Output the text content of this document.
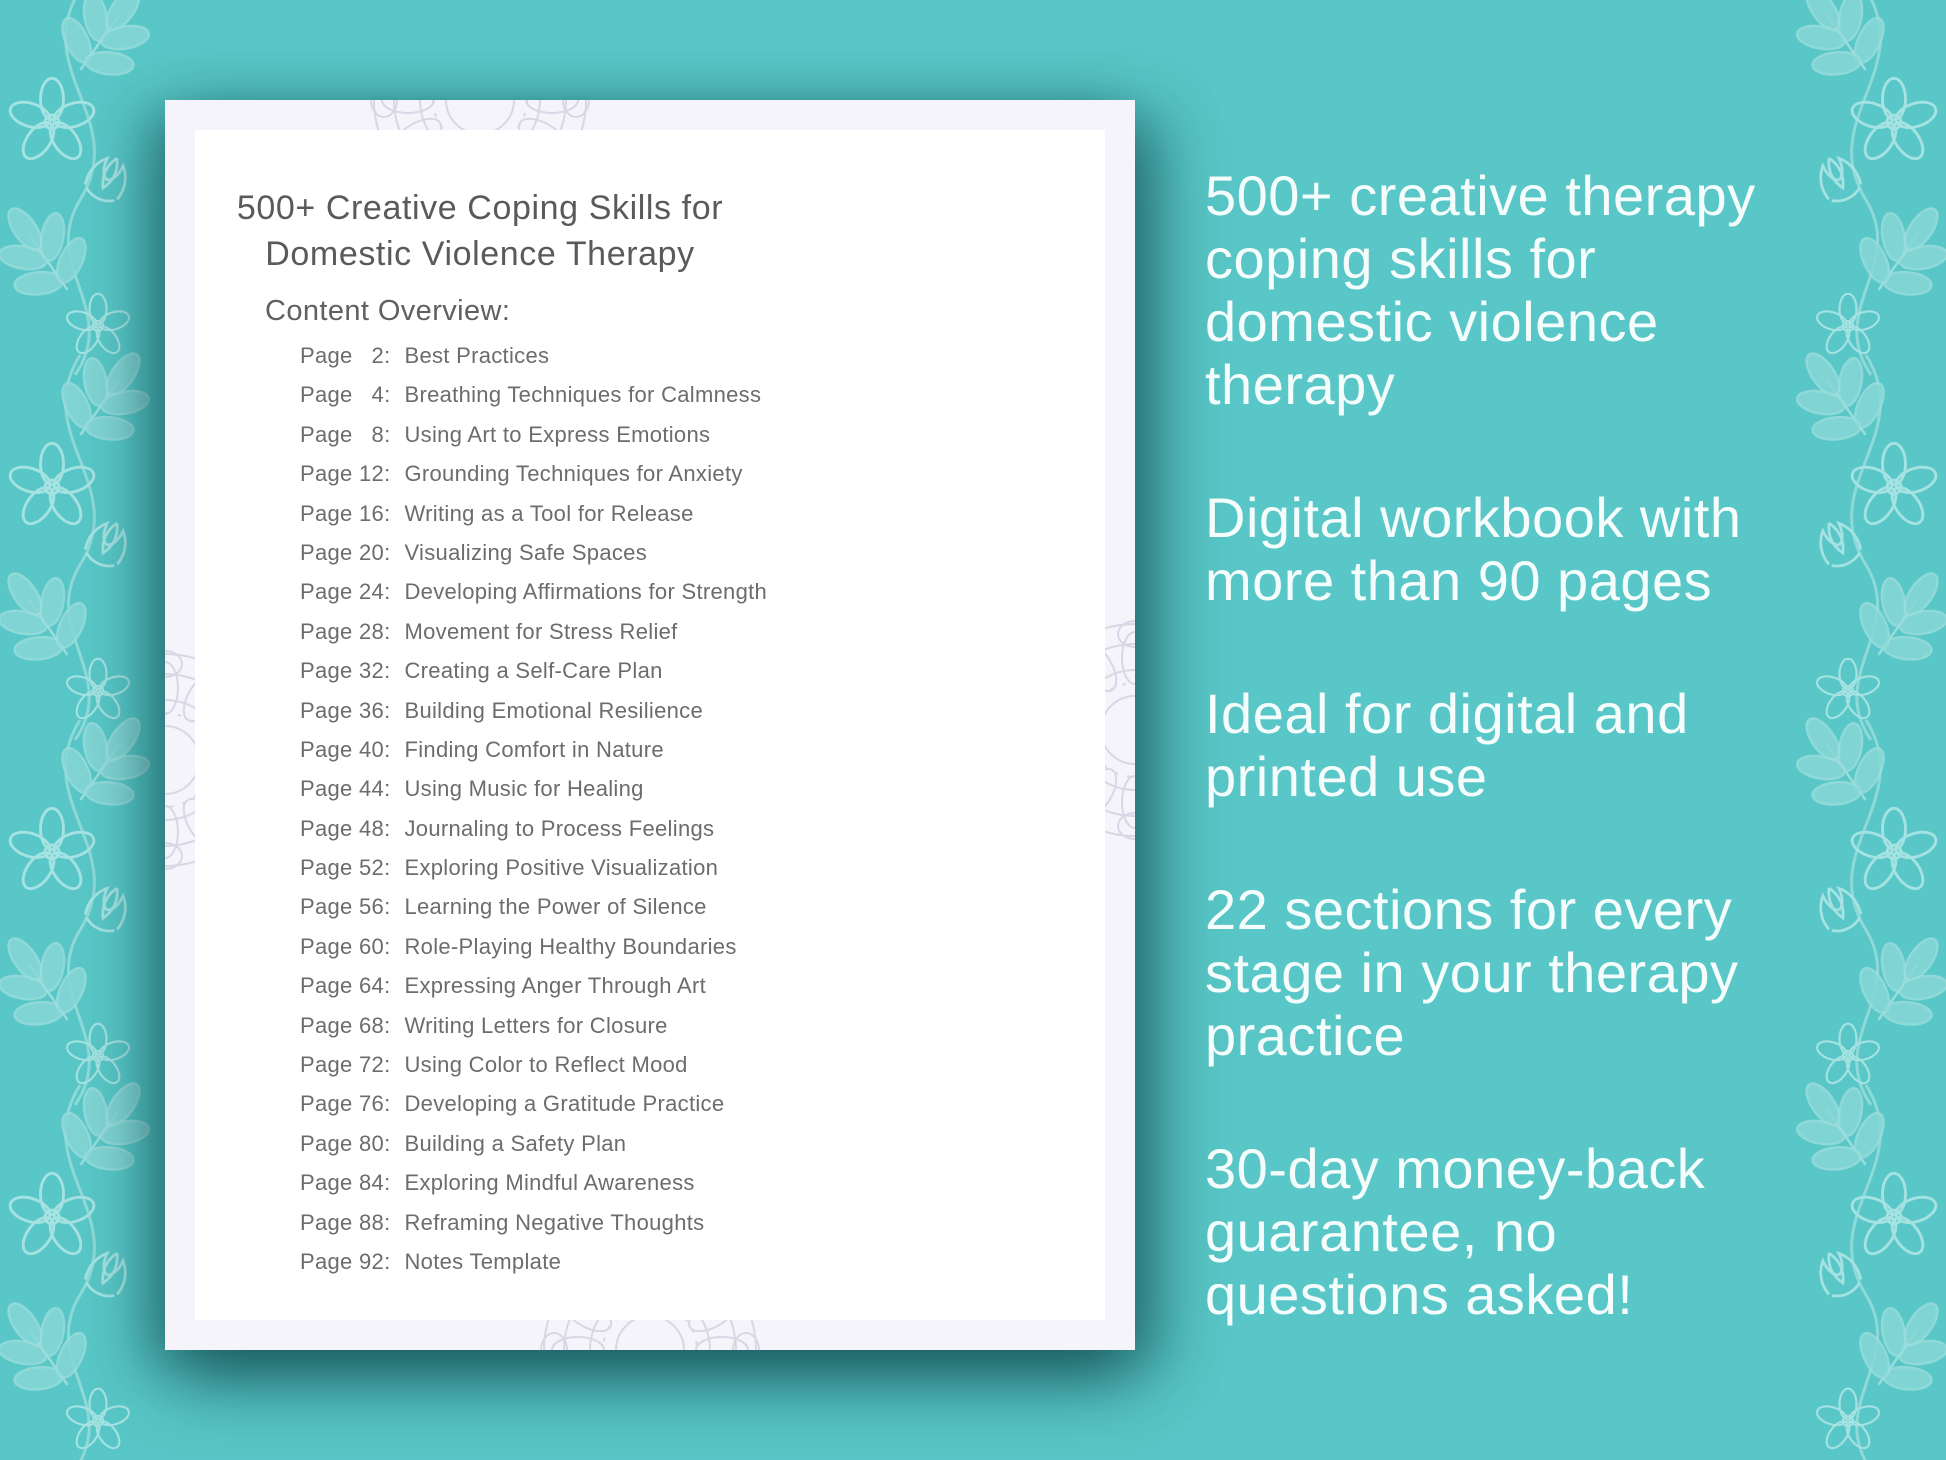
500+ Creative Coping Skills for
Domestic Violence Therapy
Content Overview:
Page  2: Best Practices
Page  4: Breathing Techniques for Calmness
Page  8: Using Art to Express Emotions
Page 12: Grounding Techniques for Anxiety
Page 16: Writing as a Tool for Release
Page 20: Visualizing Safe Spaces
Page 24: Developing Affirmations for Strength
Page 28: Movement for Stress Relief
Page 32: Creating a Self-Care Plan
Page 36: Building Emotional Resilience
Page 40: Finding Comfort in Nature
Page 44: Using Music for Healing
Page 48: Journaling to Process Feelings
Page 52: Exploring Positive Visualization
Page 56: Learning the Power of Silence
Page 60: Role-Playing Healthy Boundaries
Page 64: Expressing Anger Through Art
Page 68: Writing Letters for Closure
Page 72: Using Color to Reflect Mood
Page 76: Developing a Gratitude Practice
Page 80: Building a Safety Plan
Page 84: Exploring Mindful Awareness
Page 88: Reframing Negative Thoughts
Page 92: Notes Template
500+ creative therapy
coping skills for
domestic violence
therapy
Digital workbook with
more than 90 pages
Ideal for digital and
printed use
22 sections for every
stage in your therapy
practice
30-day money-back
guarantee, no
questions asked!
